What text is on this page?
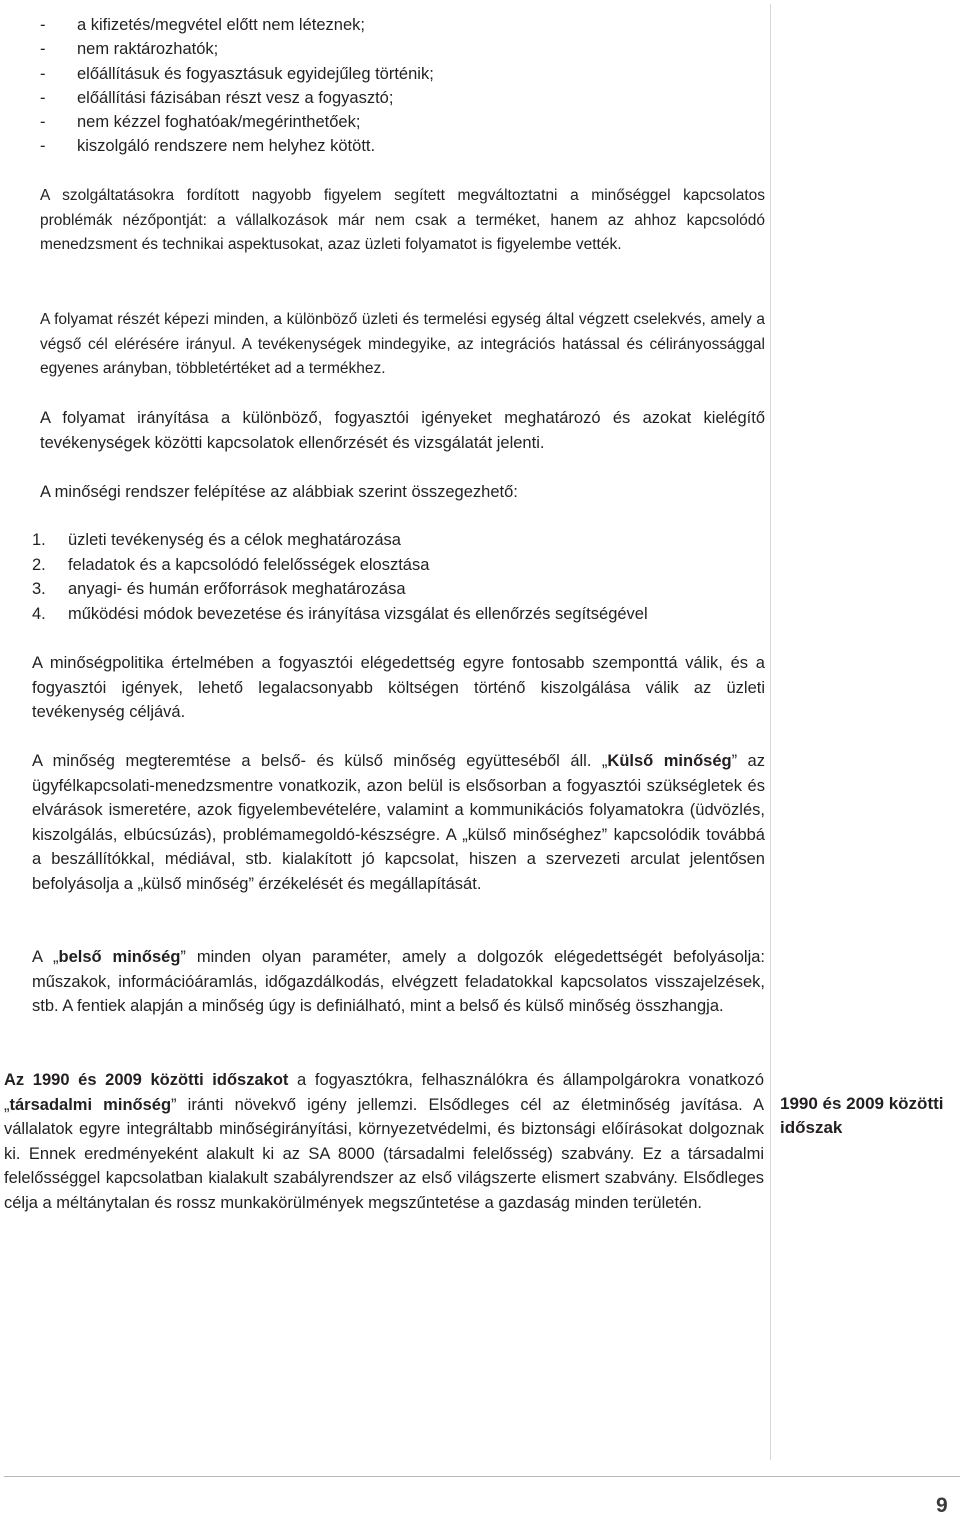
- a kifizetés/megvétel előtt nem léteznek;
- nem raktározhatók;
- előállításuk és fogyasztásuk egyidejűleg történik;
- előállítási fázisában részt vesz a fogyasztó;
- nem kézzel foghatóak/megérinthetőek;
- kiszolgáló rendszere nem helyhez kötött.

A szolgáltatásokra fordított nagyobb figyelem segített megváltoztatni a minőséggel kapcsolatos problémák nézőpontját: a vállalkozások már nem csak a terméket, hanem az ahhoz kapcsolódó menedzsment és technikai aspektusokat, azaz üzleti folyamatot is figyelembe vették.

A folyamat részét képezi minden, a különböző üzleti és termelési egység által végzett cselekvés, amely a végső cél elérésére irányul. A tevékenységek mindegyike, az integrációs hatással és célirányossággal egyenes arányban, többletértéket ad a termékhez.

A folyamat irányítása a különböző, fogyasztói igényeket meghatározó és azokat kielégítő tevékenységek közötti kapcsolatok ellenőrzését és vizsgálatát jelenti.

A minőségi rendszer felépítése az alábbiak szerint összegezhető:

1. üzleti tevékenység és a célok meghatározása
2. feladatok és a kapcsolódó felelősségek elosztása
3. anyagi- és humán erőforrások meghatározása
4. működési módok bevezetése és irányítása vizsgálat és ellenőrzés segítségével

A minőségpolitika értelmében a fogyasztói elégedettség egyre fontosabb szemponttá válik, és a fogyasztói igények, lehető legalacsonyabb költségen történő kiszolgálása válik az üzleti tevékenység céljává.

A minőség megteremtése a belső- és külső minőség együtteséből áll. „Külső minőség” az ügyfélkapcsolati-menedzsmentre vonatkozik, azon belül is elsősorban a fogyasztói szükségletek és elvárások ismeretére, azok figyelembevételére, valamint a kommunikációs folyamatokra (üdvözlés, kiszolgálás, elbúcsúzás), problémamegoldó-készségre. A „külső minőséghez” kapcsolódik továbbá a beszállítókkal, médiával, stb. kialakított jó kapcsolat, hiszen a szervezeti arculat jelentősen befolyásolja a „külső minőség” érzékelését és megállapítását.

A „belső minőség” minden olyan paraméter, amely a dolgozók elégedettségét befolyásolja: műszakok, információáramlás, időgazdálkodás, elvégzett feladatokkal kapcsolatos visszajelzések, stb. A fentiek alapján a minőség úgy is definiálható, mint a belső és külső minőség összhangja.

Az 1990 és 2009 közötti időszakot a fogyasztókra, felhasználókra és állampolgárokra vonatkozó „társadalmi minőség” iránti növekvő igény jellemzi. Elsődleges cél az életminőség javítása. A vállalatok egyre integráltabb minőségirányítási, környezetvédelmi, és biztonsági előírásokat dolgoznak ki. Ennek eredményeként alakult ki az SA 8000 (társadalmi felelősség) szabvány. Ez a társadalmi felelősséggel kapcsolatban kialakult szabályrendszer az első világszerte elismert szabvány. Elsődleges célja a méltánytalan és rossz munkakörülmények megszűntetése a gazdaság minden területén.

1990 és 2009 közötti időszak
9
